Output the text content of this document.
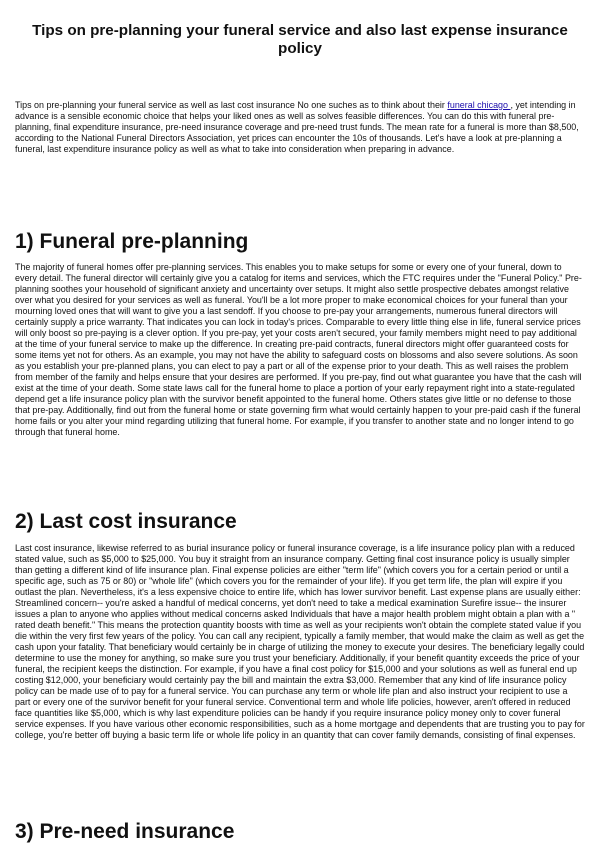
Tips on pre-planning your funeral service and also last expense insurance policy

Tips on pre-planning your funeral service as well as last cost insurance No one suches as to think about their funeral chicago , yet intending in advance is a sensible economic choice that helps your liked ones as well as solves feasible differences. You can do this with funeral pre-planning, final expenditure insurance, pre-need insurance coverage and pre-need trust funds. The mean rate for a funeral is more than $8,500, according to the National Funeral Directors Association, yet prices can encounter the 10s of thousands. Let's have a look at pre-planning a funeral, last expenditure insurance policy as well as what to take into consideration when preparing in advance.

1) Funeral pre-planning

The majority of funeral homes offer pre-planning services. This enables you to make setups for some or every one of your funeral, down to every detail. The funeral director will certainly give you a catalog for items and services, which the FTC requires under the "Funeral Policy." Pre-planning soothes your household of significant anxiety and uncertainty over setups. It might also settle prospective debates amongst relative over what you desired for your services as well as funeral. You'll be a lot more proper to make economical choices for your funeral than your mourning loved ones that will want to give you a last sendoff. If you choose to pre-pay your arrangements, numerous funeral directors will certainly supply a price warranty. That indicates you can lock in today's prices. Comparable to every little thing else in life, funeral service prices will only boost so pre-paying is a clever option. If you pre-pay, yet your costs aren't secured, your family members might need to pay additional at the time of your funeral service to make up the difference. In creating pre-paid contracts, funeral directors might offer guaranteed costs for some items yet not for others. As an example, you may not have the ability to safeguard costs on blossoms and also severe solutions. As soon as you establish your pre-planned plans, you can elect to pay a part or all of the expense prior to your death. This as well raises the problem from member of the family and helps ensure that your desires are performed. If you pre-pay, find out what guarantee you have that the cash will exist at the time of your death. Some state laws call for the funeral home to place a portion of your early repayment right into a state-regulated depend get a life insurance policy plan with the survivor benefit appointed to the funeral home. Others states give little or no defense to those that pre-pay. Additionally, find out from the funeral home or state governing firm what would certainly happen to your pre-paid cash if the funeral home fails or you alter your mind regarding utilizing that funeral home. For example, if you transfer to another state and no longer intend to go through that funeral home.

2) Last cost insurance

Last cost insurance, likewise referred to as burial insurance policy or funeral insurance coverage, is a life insurance policy plan with a reduced stated value, such as $5,000 to $25,000. You buy it straight from an insurance company. Getting final cost insurance policy is usually simpler than getting a different kind of life insurance plan. Final expense policies are either "term life" (which covers you for a certain period or until a specific age, such as 75 or 80) or "whole life" (which covers you for the remainder of your life). If you get term life, the plan will expire if you outlast the plan. Nevertheless, it's a less expensive choice to entire life, which has lower survivor benefit. Last expense plans are usually either: Streamlined concern-- you're asked a handful of medical concerns, yet don't need to take a medical examination Surefire issue-- the insurer issues a plan to anyone who applies without medical concerns asked Individuals that have a major health problem might obtain a plan with a " rated death benefit." This means the protection quantity boosts with time as well as your recipients won't obtain the complete stated value if you die within the very first few years of the policy. You can call any recipient, typically a family member, that would make the claim as well as get the cash upon your fatality. That beneficiary would certainly be in charge of utilizing the money to execute your desires. The beneficiary legally could determine to use the money for anything, so make sure you trust your beneficiary. Additionally, if your benefit quantity exceeds the price of your funeral, the recipient keeps the distinction. For example, if you have a final cost policy for $15,000 and your solutions as well as funeral end up costing $12,000, your beneficiary would certainly pay the bill and maintain the extra $3,000. Remember that any kind of life insurance policy policy can be made use of to pay for a funeral service. You can purchase any term or whole life plan and also instruct your recipient to use a part or every one of the survivor benefit for your funeral service. Conventional term and whole life policies, however, aren't offered in reduced face quantities like $5,000, which is why last expenditure policies can be handy if you require insurance policy money only to cover funeral service expenses. If you have various other economic responsibilities, such as a home mortgage and dependents that are trusting you to pay for college, you're better off buying a basic term life or whole life policy in an quantity that can cover family demands, consisting of final expenses.

3) Pre-need insurance
